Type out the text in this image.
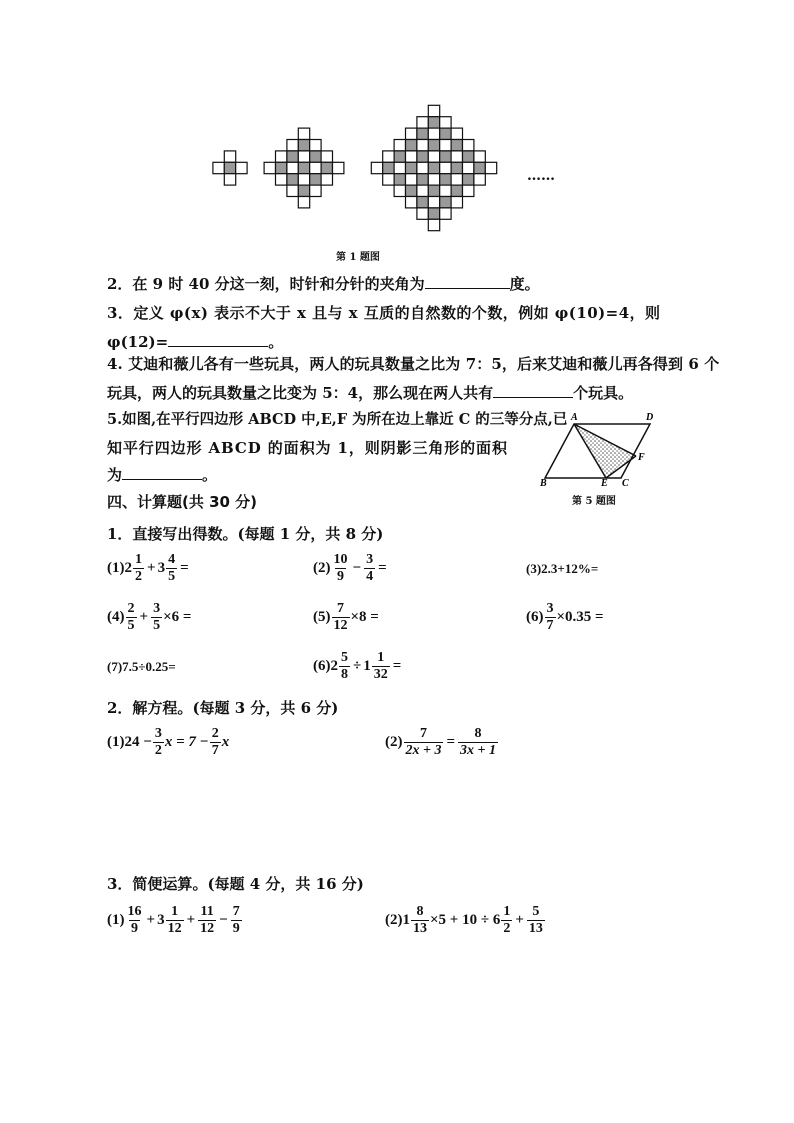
……
第 1 题图
2．在 9 时 40 分这一刻，时针和分针的夹角为	度。
3．定义 φ(x) 表示不大于 x 且与 x 互质的自然数的个数，例如 φ(10)=4，则
φ(12)=	。
4. 艾迪和薇儿各有一些玩具，两人的玩具数量之比为 7：5，后来艾迪和薇儿再各得到 6 个
玩具，两人的玩具数量之比变为 5：4，那么现在两人共有	个玩具。
5.如图,在平行四边形 ABCD 中,E,F 为所在边上靠近 C 的三等分点,已
知平行四边形 ABCD 的面积为 1，则阴影三角形的面积
为	。
A	D
B	E C
F
第 5 题图
四、计算题(共 30 分)
1．直接写出得数。(每题 1 分，共 8 分)
(1) $2 \frac{1}{2} + 3 \frac{4}{5}$ =	$(2) \frac{10}{9} - \frac{3}{4}$ =	(3)2.3+12%=
$(4) \frac{2}{5} + \frac{3}{5} \times 6$ =	$(5) \frac{7}{12} \times 8$ =	$(6) \frac{3}{7} \times 0.35$ =
(7)7.5÷0.25=	(6) $2 \frac{5}{8} \div 1 \frac{1}{32}$ =
2．解方程。(每题 3 分，共 6 分)
(1) $24 - \frac{3}{2}$ $x = 7 - \frac{2}{7}$ x	$(2) \frac{7}{2x + 3} = \frac{8}{3x + 1}$
3．简便运算。(每题 4 分，共 16 分)
$(1) \frac{16}{9} + 3 \frac{1}{12} + \frac{11}{12} - \frac{7}{9}$	(2) $1 \frac{8}{13} \times 5 + 10 \div 6 \frac{1}{2} + \frac{5}{13}$
